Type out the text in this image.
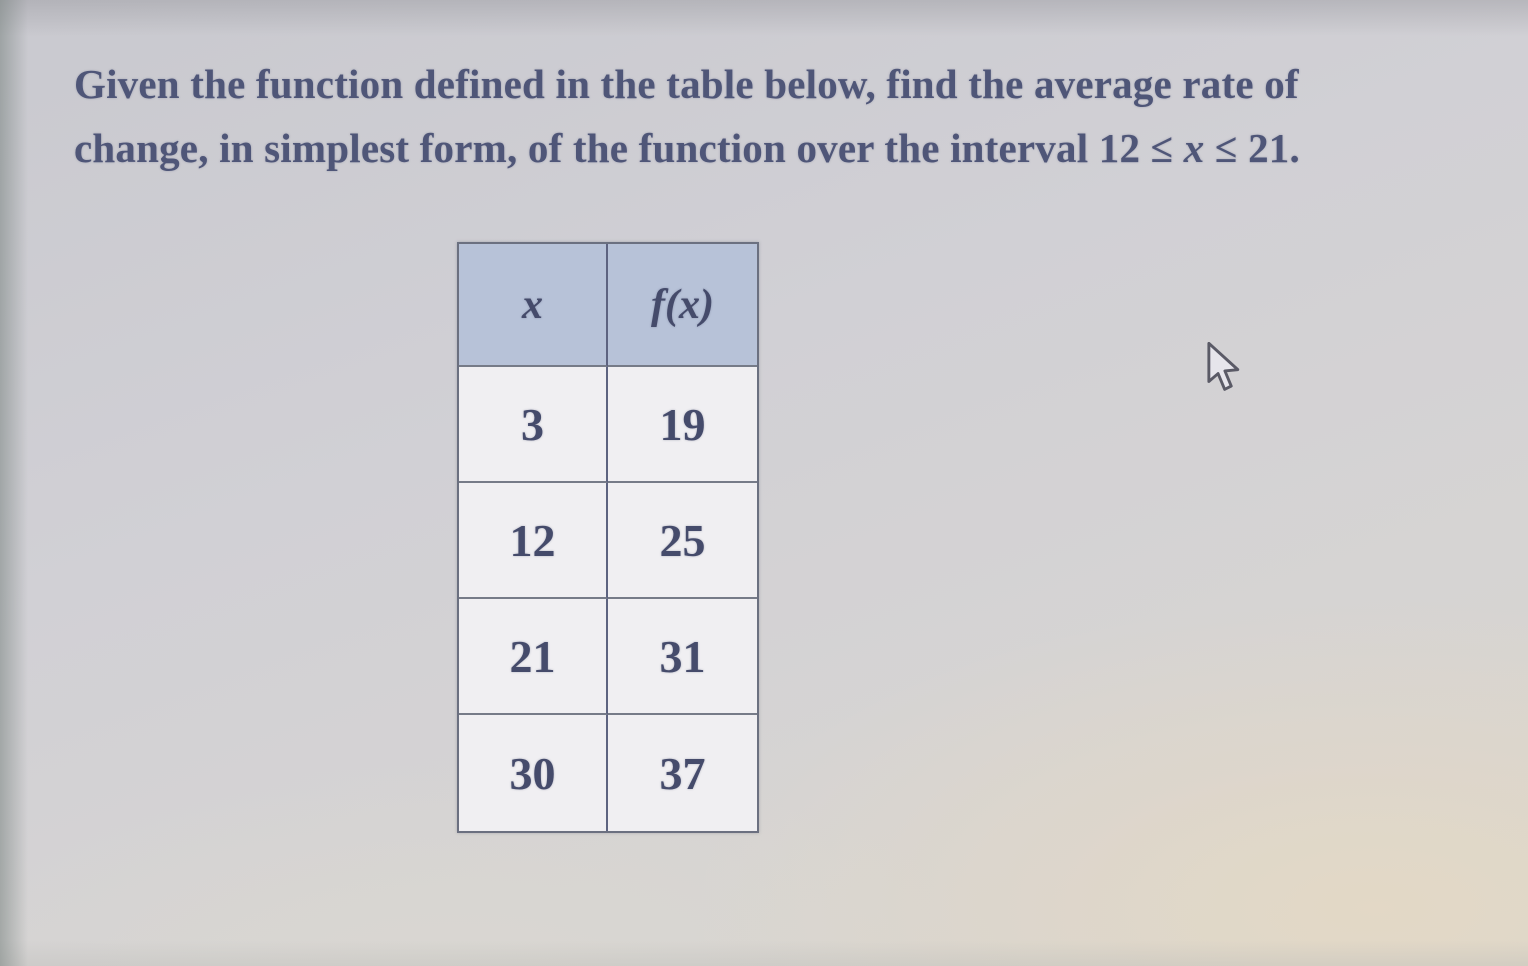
Given the function defined in the table below, find the average rate of
change, in simplest form, of the function over the interval 12 ≤ x ≤ 21.
x	f(x)
3	19
12	25
21	31
30	37
